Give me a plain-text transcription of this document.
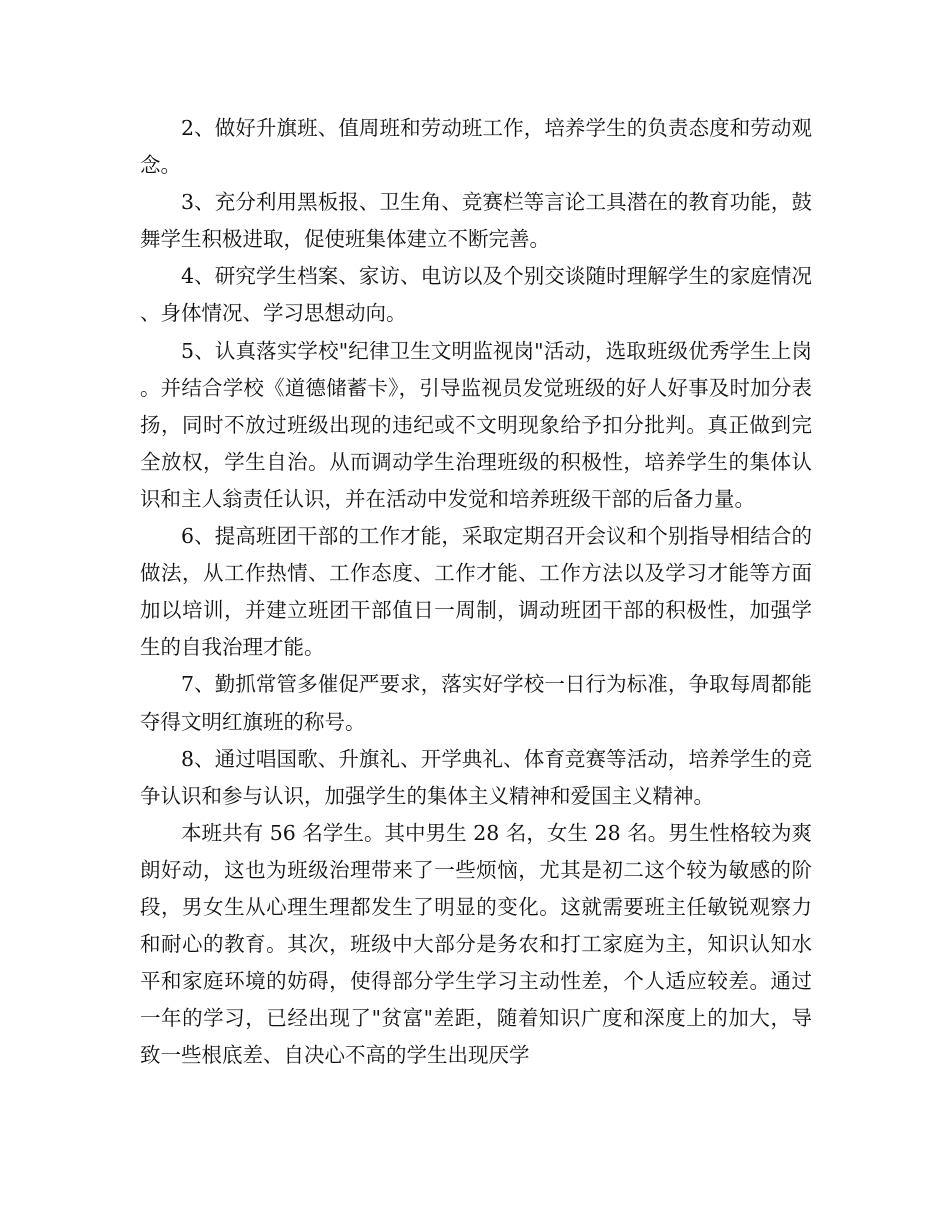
2、做好升旗班、值周班和劳动班工作，培养学生的负责态度和劳动观念。

3、充分利用黑板报、卫生角、竞赛栏等言论工具潜在的教育功能，鼓舞学生积极进取，促使班集体建立不断完善。

4、研究学生档案、家访、电访以及个别交谈随时理解学生的家庭情况、身体情况、学习思想动向。

5、认真落实学校"纪律卫生文明监视岗"活动，选取班级优秀学生上岗。并结合学校《道德储蓄卡》，引导监视员发觉班级的好人好事及时加分表扬，同时不放过班级出现的违纪或不文明现象给予扣分批判。真正做到完全放权，学生自治。从而调动学生治理班级的积极性，培养学生的集体认识和主人翁责任认识，并在活动中发觉和培养班级干部的后备力量。

6、提高班团干部的工作才能，采取定期召开会议和个别指导相结合的做法，从工作热情、工作态度、工作才能、工作方法以及学习才能等方面加以培训，并建立班团干部值日一周制，调动班团干部的积极性，加强学生的自我治理才能。

7、勤抓常管多催促严要求，落实好学校一日行为标准，争取每周都能夺得文明红旗班的称号。

8、通过唱国歌、升旗礼、开学典礼、体育竞赛等活动，培养学生的竞争认识和参与认识，加强学生的集体主义精神和爱国主义精神。

本班共有 56 名学生。其中男生 28 名，女生 28 名。男生性格较为爽朗好动，这也为班级治理带来了一些烦恼，尤其是初二这个较为敏感的阶段，男女生从心理生理都发生了明显的变化。这就需要班主任敏锐观察力和耐心的教育。其次，班级中大部分是务农和打工家庭为主，知识认知水平和家庭环境的妨碍，使得部分学生学习主动性差，个人适应较差。通过一年的学习，已经出现了"贫富"差距，随着知识广度和深度上的加大，导致一些根底差、自决心不高的学生出现厌学
